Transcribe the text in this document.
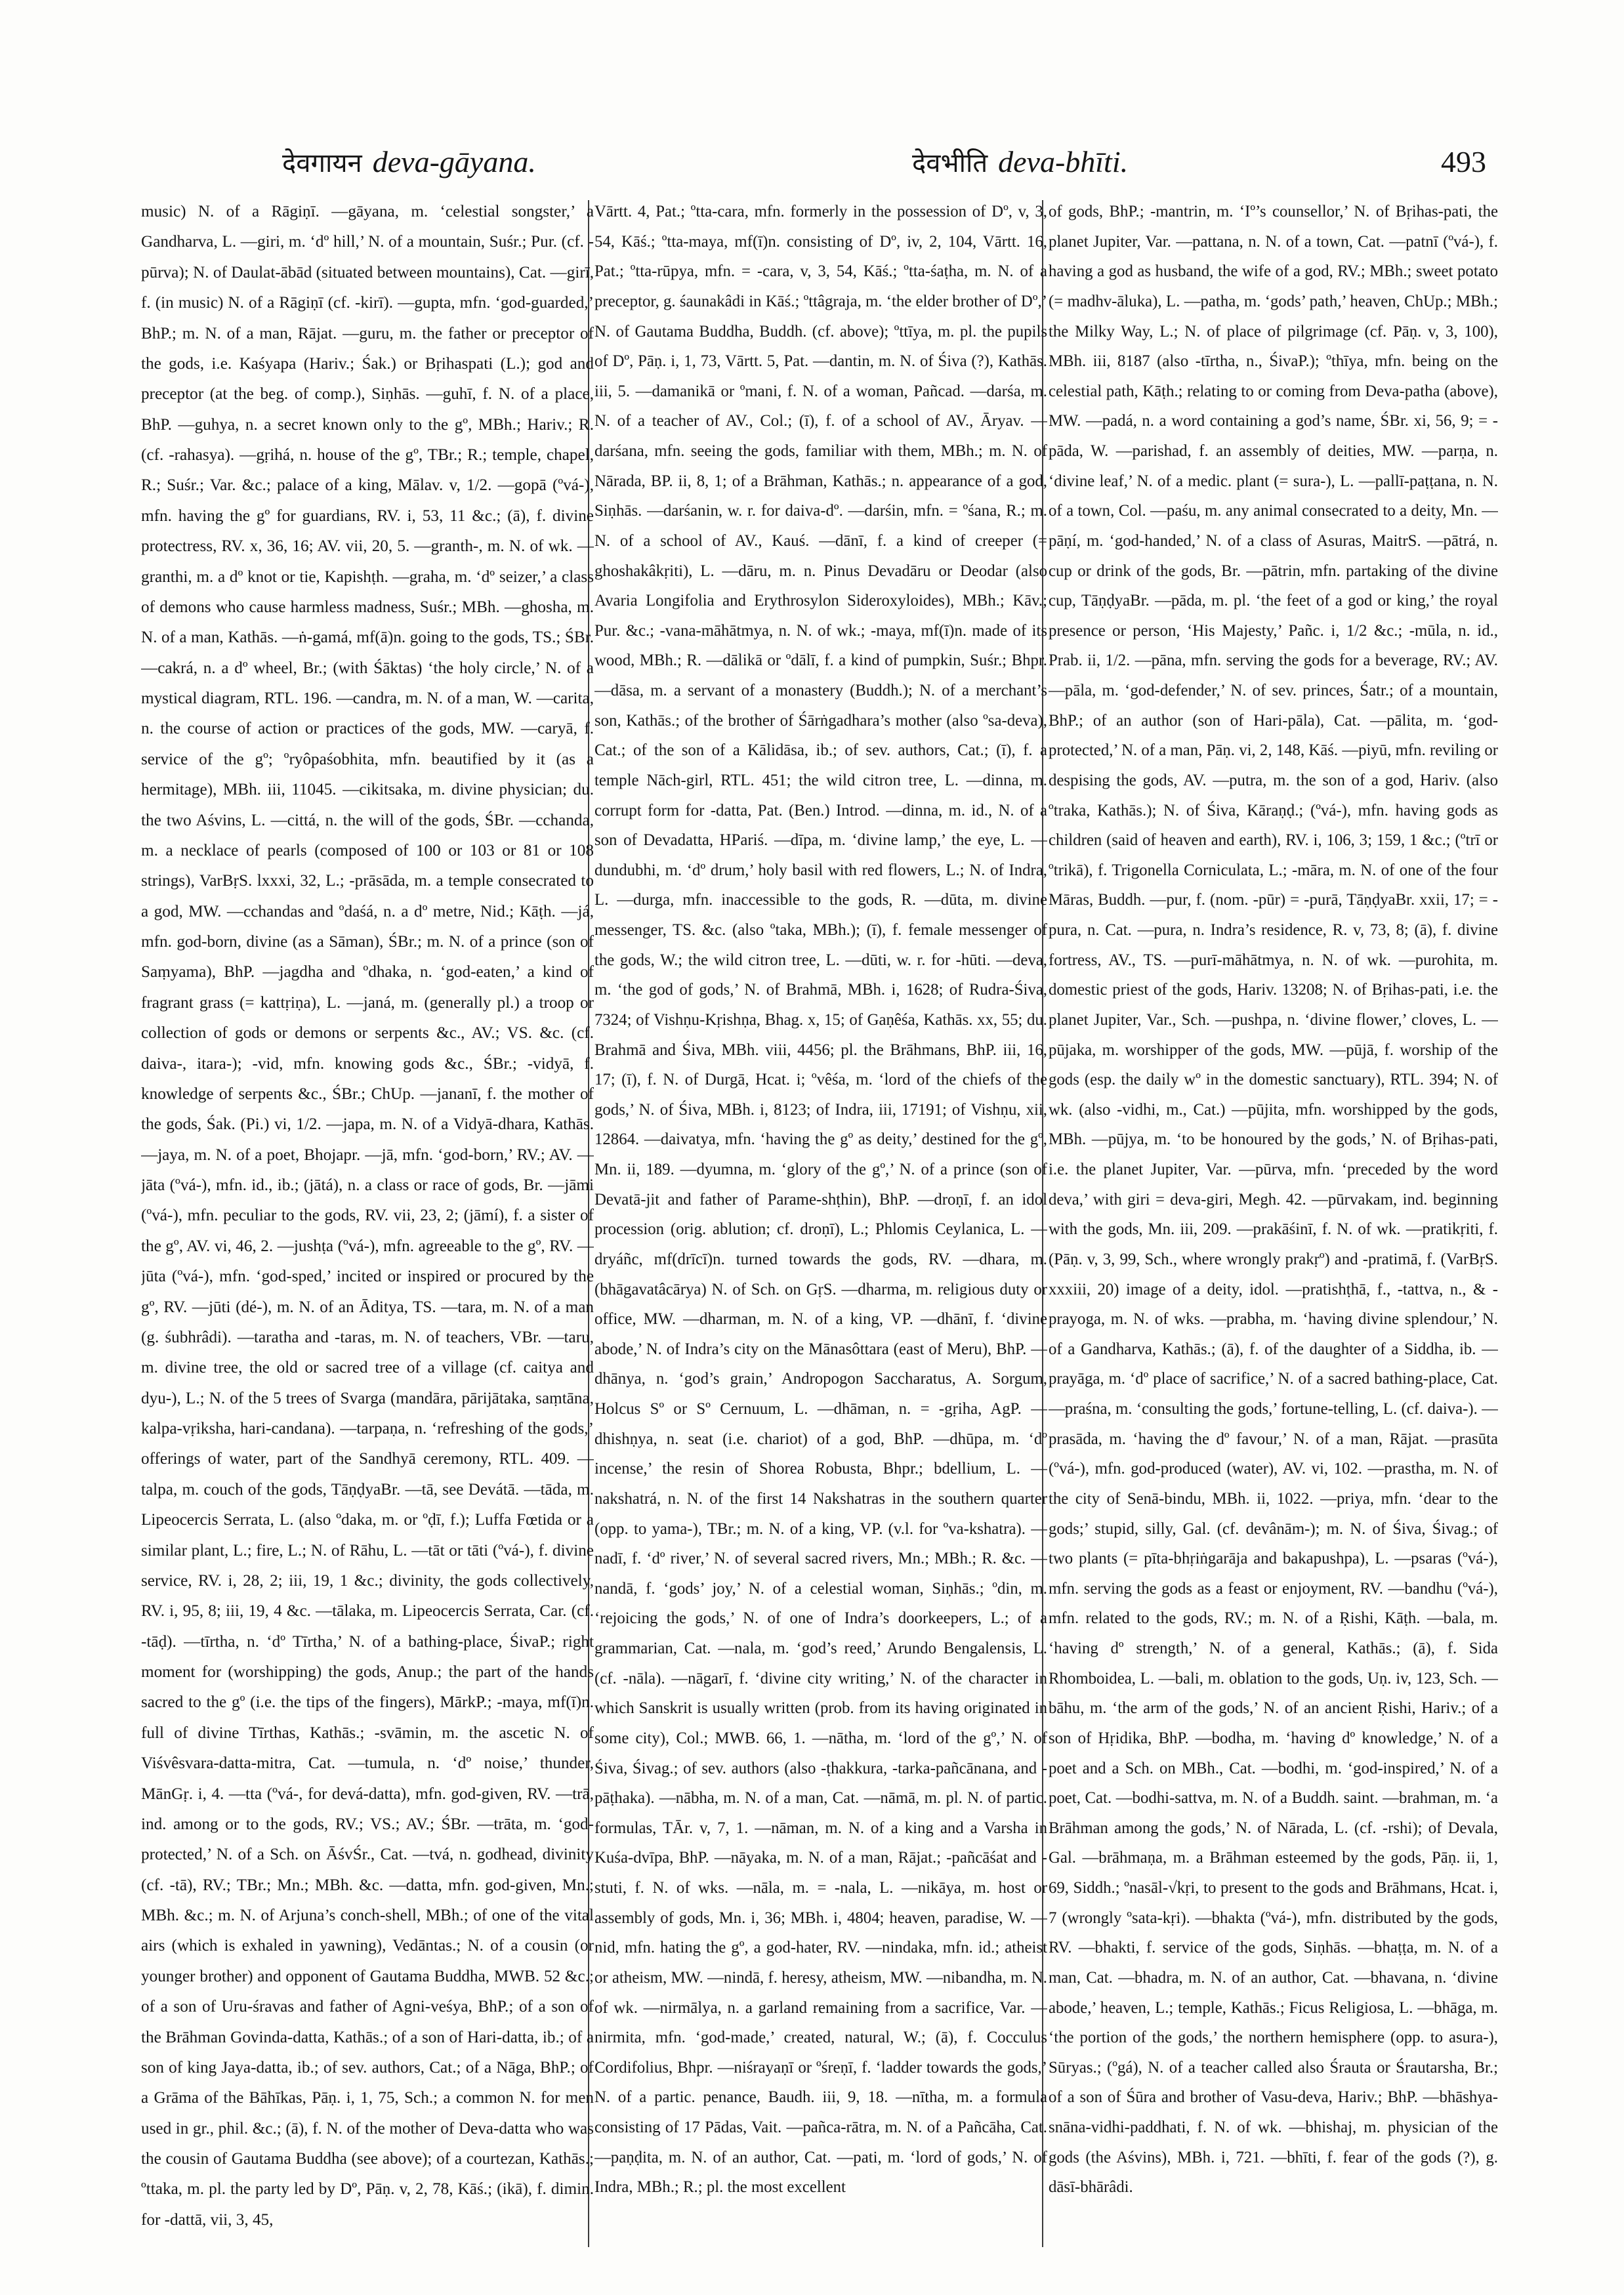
देवगायन deva-gāyana.	देवभीति deva-bhīti.	493

music) N. of a Rāgiṇī. —gāyana, m. ‘celestial songster,’ a Gandharva, L. —giri, m. ‘dº hill,’ N. of a mountain, Suśr.; Pur. (cf. -pūrva); N. of Daulat-ābād (situated between mountains), Cat. —girī, f. (in music) N. of a Rāgiṇī (cf. -kirī). —gupta, mfn. ‘god-guarded,’ BhP.; m. N. of a man, Rājat. —guru, m. the father or preceptor of the gods, i.e. Kaśyapa (Hariv.; Śak.) or Bṛihaspati (L.); god and preceptor (at the beg. of comp.), Siṇhās. —guhī, f. N. of a place, BhP. —guhya, n. a secret known only to the gº, MBh.; Hariv.; R. (cf. -rahasya). —gṛihá, n. house of the gº, TBr.; R.; temple, chapel, R.; Suśr.; Var. &c.; palace of a king, Mālav. v, 1/2. —gopā (ºvá-), mfn. having the gº for guardians, RV. i, 53, 11 &c.; (ā), f. divine protectress, RV. x, 36, 16; AV. vii, 20, 5. —granth-, m. N. of wk. —granthi, m. a dº knot or tie, Kapishṭh. —graha, m. ‘dº seizer,’ a class of demons who cause harmless madness, Suśr.; MBh. —ghosha, m. N. of a man, Kathās. —ṅ-gamá, mf(ā)n. going to the gods, TS.; ŚBr. —cakrá, n. a dº wheel, Br.; (with Śāktas) ‘the holy circle,’ N. of a mystical diagram, RTL. 196. —candra, m. N. of a man, W. —carita, n. the course of action or practices of the gods, MW. —caryā, f. service of the gº; ºryôpaśobhita, mfn. beautified by it (as a hermitage), MBh. iii, 11045. —cikitsaka, m. divine physician; du. the two Aśvins, L. —cittá, n. the will of the gods, ŚBr. —cchanda, m. a necklace of pearls (composed of 100 or 103 or 81 or 108 strings), VarBṛS. lxxxi, 32, L.; -prāsāda, m. a temple consecrated to a god, MW. —cchandas and ºdaśá, n. a dº metre, Nid.; Kāṭh. —já, mfn. god-born, divine (as a Sāman), ŚBr.; m. N. of a prince (son of Saṃyama), BhP. —jagdha and ºdhaka, n. ‘god-eaten,’ a kind of fragrant grass (= kattṛiṇa), L. —janá, m. (generally pl.) a troop or collection of gods or demons or serpents &c., AV.; VS. &c. (cf. daiva-, itara-); -vid, mfn. knowing gods &c., ŚBr.; -vidyā, f. knowledge of serpents &c., ŚBr.; ChUp. —jananī, f. the mother of the gods, Śak. (Pi.) vi, 1/2. —japa, m. N. of a Vidyā-dhara, Kathās. —jaya, m. N. of a poet, Bhojapr. —jā, mfn. ‘god-born,’ RV.; AV. —jāta (ºvá-), mfn. id., ib.; (jātá), n. a class or race of gods, Br. —jāmi (ºvá-), mfn. peculiar to the gods, RV. vii, 23, 2; (jāmí), f. a sister of the gº, AV. vi, 46, 2. —jushṭa (ºvá-), mfn. agreeable to the gº, RV. —jūta (ºvá-), mfn. ‘god-sped,’ incited or inspired or procured by the gº, RV. —jūti (dé-), m. N. of an Āditya, TS. —tara, m. N. of a man (g. śubhrâdi). —taratha and -taras, m. N. of teachers, VBr. —taru, m. divine tree, the old or sacred tree of a village (cf. caitya and dyu-), L.; N. of the 5 trees of Svarga (mandāra, pārijātaka, saṃtāna, kalpa-vṛiksha, hari-candana). —tarpaṇa, n. ‘refreshing of the gods,’ offerings of water, part of the Sandhyā ceremony, RTL. 409. —talpa, m. couch of the gods, TāṇḍyaBr. —tā, see Devátā. —tāda, m. Lipeocercis Serrata, L. (also ºdaka, m. or ºḍī, f.); Luffa Fœtida or a similar plant, L.; fire, L.; N. of Rāhu, L. —tāt or tāti (ºvá-), f. divine service, RV. i, 28, 2; iii, 19, 1 &c.; divinity, the gods collectively, RV. i, 95, 8; iii, 19, 4 &c. —tālaka, m. Lipeocercis Serrata, Car. (cf. -tāḍ). —tīrtha, n. ‘dº Tīrtha,’ N. of a bathing-place, ŚivaP.; right moment for (worshipping) the gods, Anup.; the part of the hands sacred to the gº (i.e. the tips of the fingers), MārkP.; -maya, mf(ī)n. full of divine Tīrthas, Kathās.; -svāmin, m. the ascetic N. of Viśvêsvara-datta-mitra, Cat. —tumula, n. ‘dº noise,’ thunder, MānGṛ. i, 4. —tta (ºvá-, for devá-datta), mfn. god-given, RV. —trā, ind. among or to the gods, RV.; VS.; AV.; ŚBr. —trāta, m. ‘god-protected,’ N. of a Sch. on ĀśvŚr., Cat. —tvá, n. godhead, divinity (cf. -tā), RV.; TBr.; Mn.; MBh. &c. —datta, mfn. god-given, Mn.; MBh. &c.; m. N. of Arjuna’s conch-shell, MBh.; of one of the vital airs (which is exhaled in yawning), Vedāntas.; N. of a cousin (or younger brother) and opponent of Gautama Buddha, MWB. 52 &c.; of a son of Uru-śravas and father of Agni-veśya, BhP.; of a son of the Brāhman Govinda-datta, Kathās.; of a son of Hari-datta, ib.; of a son of king Jaya-datta, ib.; of sev. authors, Cat.; of a Nāga, BhP.; of a Grāma of the Bāhīkas, Pāṇ. i, 1, 75, Sch.; a common N. for men used in gr., phil. &c.; (ā), f. N. of the mother of Deva-datta who was the cousin of Gautama Buddha (see above); of a courtezan, Kathās.; ºttaka, m. pl. the party led by Dº, Pāṇ. v, 2, 78, Kāś.; (ikā), f. dimin. for -dattā, vii, 3, 45,

Vārtt. 4, Pat.; ºtta-cara, mfn. formerly in the possession of Dº, v, 3, 54, Kāś.; ºtta-maya, mf(ī)n. consisting of Dº, iv, 2, 104, Vārtt. 16, Pat.; ºtta-rūpya, mfn. = -cara, v, 3, 54, Kāś.; ºtta-śaṭha, m. N. of a preceptor, g. śaunakâdi in Kāś.; ºttâgraja, m. ‘the elder brother of Dº,’ N. of Gautama Buddha, Buddh. (cf. above); ºttīya, m. pl. the pupils of Dº, Pāṇ. i, 1, 73, Vārtt. 5, Pat. —dantin, m. N. of Śiva (?), Kathās. iii, 5. —damanikā or ºmani, f. N. of a woman, Pañcad. —darśa, m. N. of a teacher of AV., Col.; (ī), f. of a school of AV., Āryav. —darśana, mfn. seeing the gods, familiar with them, MBh.; m. N. of Nārada, BP. ii, 8, 1; of a Brāhman, Kathās.; n. appearance of a god, Siṇhās. —darśanin, w. r. for daiva-dº. —darśin, mfn. = ºśana, R.; m. N. of a school of AV., Kauś. —dānī, f. a kind of creeper (= ghoshakâkṛiti), L. —dāru, m. n. Pinus Devadāru or Deodar (also Avaria Longifolia and Erythrosylon Sideroxyloides), MBh.; Kāv.; Pur. &c.; -vana-māhātmya, n. N. of wk.; -maya, mf(ī)n. made of its wood, MBh.; R. —dālikā or ºdālī, f. a kind of pumpkin, Suśr.; Bhpr. —dāsa, m. a servant of a monastery (Buddh.); N. of a merchant’s son, Kathās.; of the brother of Śārṅgadhara’s mother (also ºsa-deva), Cat.; of the son of a Kālidāsa, ib.; of sev. authors, Cat.; (ī), f. a temple Nāch-girl, RTL. 451; the wild citron tree, L. —dinna, m. corrupt form for -datta, Pat. (Ben.) Introd. —dinna, m. id., N. of a son of Devadatta, HPariś. —dīpa, m. ‘divine lamp,’ the eye, L. —dundubhi, m. ‘dº drum,’ holy basil with red flowers, L.; N. of Indra, L. —durga, mfn. inaccessible to the gods, R. —dūta, m. divine messenger, TS. &c. (also ºtaka, MBh.); (ī), f. female messenger of the gods, W.; the wild citron tree, L. —dūti, w. r. for -hūti. —deva, m. ‘the god of gods,’ N. of Brahmā, MBh. i, 1628; of Rudra-Śiva, 7324; of Vishṇu-Kṛishṇa, Bhag. x, 15; of Gaṇêśa, Kathās. xx, 55; du. Brahmā and Śiva, MBh. viii, 4456; pl. the Brāhmans, BhP. iii, 16, 17; (ī), f. N. of Durgā, Hcat. i; ºvêśa, m. ‘lord of the chiefs of the gods,’ N. of Śiva, MBh. i, 8123; of Indra, iii, 17191; of Vishṇu, xii, 12864. —daivatya, mfn. ‘having the gº as deity,’ destined for the gº, Mn. ii, 189. —dyumna, m. ‘glory of the gº,’ N. of a prince (son of Devatā-jit and father of Parame-shṭhin), BhP. —droṇī, f. an idol procession (orig. ablution; cf. droṇī), L.; Phlomis Ceylanica, L. —dryáñc, mf(drīcī)n. turned towards the gods, RV. —dhara, m. (bhāgavatâcārya) N. of Sch. on GṛS. —dharma, m. religious duty or office, MW. —dharman, m. N. of a king, VP. —dhānī, f. ‘divine abode,’ N. of Indra’s city on the Mānasôttara (east of Meru), BhP. —dhānya, n. ‘god’s grain,’ Andropogon Saccharatus, A. Sorgum, Holcus Sº or Sº Cernuum, L. —dhāman, n. = -gṛiha, AgP. —dhishṇya, n. seat (i.e. chariot) of a god, BhP. —dhūpa, m. ‘dº incense,’ the resin of Shorea Robusta, Bhpr.; bdellium, L. —nakshatrá, n. N. of the first 14 Nakshatras in the southern quarter (opp. to yama-), TBr.; m. N. of a king, VP. (v.l. for ºva-kshatra). —nadī, f. ‘dº river,’ N. of several sacred rivers, Mn.; MBh.; R. &c. —nandā, f. ‘gods’ joy,’ N. of a celestial woman, Siṇhās.; ºdin, m. ‘rejoicing the gods,’ N. of one of Indra’s doorkeepers, L.; of a grammarian, Cat. —nala, m. ‘god’s reed,’ Arundo Bengalensis, L. (cf. -nāla). —nāgarī, f. ‘divine city writing,’ N. of the character in which Sanskrit is usually written (prob. from its having originated in some city), Col.; MWB. 66, 1. —nātha, m. ‘lord of the gº,’ N. of Śiva, Śivag.; of sev. authors (also -ṭhakkura, -tarka-pañcānana, and -pāṭhaka). —nābha, m. N. of a man, Cat. —nāmā, m. pl. N. of partic. formulas, TĀr. v, 7, 1. —nāman, m. N. of a king and a Varsha in Kuśa-dvīpa, BhP. —nāyaka, m. N. of a man, Rājat.; -pañcāśat and -stuti, f. N. of wks. —nāla, m. = -nala, L. —nikāya, m. host or assembly of gods, Mn. i, 36; MBh. i, 4804; heaven, paradise, W. —nid, mfn. hating the gº, a god-hater, RV. —nindaka, mfn. id.; atheist or atheism, MW. —nindā, f. heresy, atheism, MW. —nibandha, m. N. of wk. —nirmālya, n. a garland remaining from a sacrifice, Var. —nirmita, mfn. ‘god-made,’ created, natural, W.; (ā), f. Cocculus Cordifolius, Bhpr. —niśrayaṇī or ºśreṇī, f. ‘ladder towards the gods,’ N. of a partic. penance, Baudh. iii, 9, 18. —nītha, m. a formula consisting of 17 Pādas, Vait. —pañca-rātra, m. N. of a Pañcāha, Cat. —paṇḍita, m. N. of an author, Cat. —pati, m. ‘lord of gods,’ N. of Indra, MBh.; R.; pl. the most excellent

of gods, BhP.; -mantrin, m. ‘Iº’s counsellor,’ N. of Bṛihas-pati, the planet Jupiter, Var. —pattana, n. N. of a town, Cat. —patnī (ºvá-), f. having a god as husband, the wife of a god, RV.; MBh.; sweet potato (= madhv-āluka), L. —patha, m. ‘gods’ path,’ heaven, ChUp.; MBh.; the Milky Way, L.; N. of place of pilgrimage (cf. Pāṇ. v, 3, 100), MBh. iii, 8187 (also -tīrtha, n., ŚivaP.); ºthīya, mfn. being on the celestial path, Kāṭh.; relating to or coming from Deva-patha (above), MW. —padá, n. a word containing a god’s name, ŚBr. xi, 56, 9; = -pāda, W. —parishad, f. an assembly of deities, MW. —parṇa, n. ‘divine leaf,’ N. of a medic. plant (= sura-), L. —pallī-paṭṭana, n. N. of a town, Col. —paśu, m. any animal consecrated to a deity, Mn. —pāṇí, m. ‘god-handed,’ N. of a class of Asuras, MaitrS. —pātrá, n. cup or drink of the gods, Br. —pātrin, mfn. partaking of the divine cup, TāṇḍyaBr. —pāda, m. pl. ‘the feet of a god or king,’ the royal presence or person, ‘His Majesty,’ Pañc. i, 1/2 &c.; -mūla, n. id., Prab. ii, 1/2. —pāna, mfn. serving the gods for a beverage, RV.; AV. —pāla, m. ‘god-defender,’ N. of sev. princes, Śatr.; of a mountain, BhP.; of an author (son of Hari-pāla), Cat. —pālita, m. ‘god-protected,’ N. of a man, Pāṇ. vi, 2, 148, Kāś. —piyū, mfn. reviling or despising the gods, AV. —putra, m. the son of a god, Hariv. (also ºtraka, Kathās.); N. of Śiva, Kāraṇḍ.; (ºvá-), mfn. having gods as children (said of heaven and earth), RV. i, 106, 3; 159, 1 &c.; (ºtrī or ºtrikā), f. Trigonella Corniculata, L.; -māra, m. N. of one of the four Māras, Buddh. —pur, f. (nom. -pūr) = -purā, TāṇḍyaBr. xxii, 17; = -pura, n. Cat. —pura, n. Indra’s residence, R. v, 73, 8; (ā), f. divine fortress, AV., TS. —purī-māhātmya, n. N. of wk. —purohita, m. domestic priest of the gods, Hariv. 13208; N. of Bṛihas-pati, i.e. the planet Jupiter, Var., Sch. —pushpa, n. ‘divine flower,’ cloves, L. —pūjaka, m. worshipper of the gods, MW. —pūjā, f. worship of the gods (esp. the daily wº in the domestic sanctuary), RTL. 394; N. of wk. (also -vidhi, m., Cat.) —pūjita, mfn. worshipped by the gods, MBh. —pūjya, m. ‘to be honoured by the gods,’ N. of Bṛihas-pati, i.e. the planet Jupiter, Var. —pūrva, mfn. ‘preceded by the word deva,’ with giri = deva-giri, Megh. 42. —pūrvakam, ind. beginning with the gods, Mn. iii, 209. —prakāśinī, f. N. of wk. —pratikṛiti, f. (Pāṇ. v, 3, 99, Sch., where wrongly prakṛº) and -pratimā, f. (VarBṛS. xxxiii, 20) image of a deity, idol. —pratishṭhā, f., -tattva, n., & -prayoga, m. N. of wks. —prabha, m. ‘having divine splendour,’ N. of a Gandharva, Kathās.; (ā), f. of the daughter of a Siddha, ib. —prayāga, m. ‘dº place of sacrifice,’ N. of a sacred bathing-place, Cat. —praśna, m. ‘consulting the gods,’ fortune-telling, L. (cf. daiva-). —prasāda, m. ‘having the dº favour,’ N. of a man, Rājat. —prasūta (ºvá-), mfn. god-produced (water), AV. vi, 102. —prastha, m. N. of the city of Senā-bindu, MBh. ii, 1022. —priya, mfn. ‘dear to the gods;’ stupid, silly, Gal. (cf. devânām-); m. N. of Śiva, Śivag.; of two plants (= pīta-bhṛiṅgarāja and bakapushpa), L. —psaras (ºvá-), mfn. serving the gods as a feast or enjoyment, RV. —bandhu (ºvá-), mfn. related to the gods, RV.; m. N. of a Ṛishi, Kāṭh. —bala, m. ‘having dº strength,’ N. of a general, Kathās.; (ā), f. Sida Rhomboidea, L. —bali, m. oblation to the gods, Uṇ. iv, 123, Sch. —bāhu, m. ‘the arm of the gods,’ N. of an ancient Ṛishi, Hariv.; of a son of Hṛidika, BhP. —bodha, m. ‘having dº knowledge,’ N. of a poet and a Sch. on MBh., Cat. —bodhi, m. ‘god-inspired,’ N. of a poet, Cat. —bodhi-sattva, m. N. of a Buddh. saint. —brahman, m. ‘a Brāhman among the gods,’ N. of Nārada, L. (cf. -rshi); of Devala, Gal. —brāhmaṇa, m. a Brāhman esteemed by the gods, Pāṇ. ii, 1, 69, Siddh.; ºnasāl-√kṛi, to present to the gods and Brāhmans, Hcat. i, 7 (wrongly ºsata-kṛi). —bhakta (ºvá-), mfn. distributed by the gods, RV. —bhakti, f. service of the gods, Siṇhās. —bhaṭṭa, m. N. of a man, Cat. —bhadra, m. N. of an author, Cat. —bhavana, n. ‘divine abode,’ heaven, L.; temple, Kathās.; Ficus Religiosa, L. —bhāga, m. ‘the portion of the gods,’ the northern hemisphere (opp. to asura-), Sūryas.; (ºgá), N. of a teacher called also Śrauta or Śrautarsha, Br.; of a son of Śūra and brother of Vasu-deva, Hariv.; BhP. —bhāshya-snāna-vidhi-paddhati, f. N. of wk. —bhishaj, m. physician of the gods (the Aśvins), MBh. i, 721. —bhīti, f. fear of the gods (?), g. dāsī-bhārâdi.
